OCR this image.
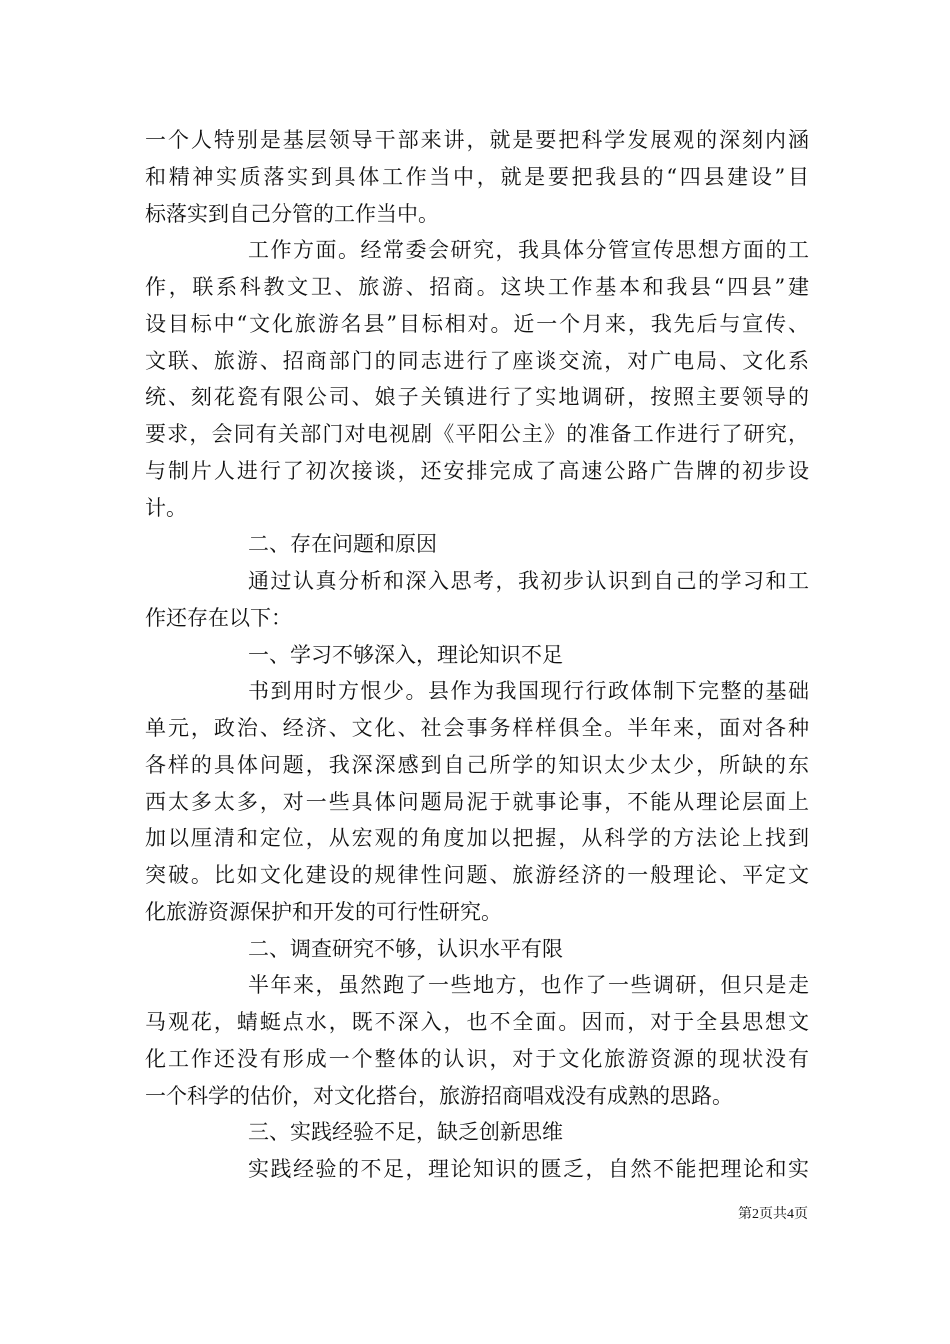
一个人特别是基层领导干部来讲，就是要把科学发展观的深刻内涵
和精神实质落实到具体工作当中，就是要把我县的“四县建设”目
标落实到自己分管的工作当中。
工作方面。经常委会研究，我具体分管宣传思想方面的工
作，联系科教文卫、旅游、招商。这块工作基本和我县“四县”建
设目标中“文化旅游名县”目标相对。近一个月来，我先后与宣传、
文联、旅游、招商部门的同志进行了座谈交流，对广电局、文化系
统、刻花瓷有限公司、娘子关镇进行了实地调研，按照主要领导的
要求，会同有关部门对电视剧《平阳公主》的准备工作进行了研究，
与制片人进行了初次接谈，还安排完成了高速公路广告牌的初步设
计。
二、存在问题和原因
通过认真分析和深入思考，我初步认识到自己的学习和工
作还存在以下：
一、学习不够深入，理论知识不足
书到用时方恨少。县作为我国现行行政体制下完整的基础
单元，政治、经济、文化、社会事务样样俱全。半年来，面对各种
各样的具体问题，我深深感到自己所学的知识太少太少，所缺的东
西太多太多，对一些具体问题局泥于就事论事，不能从理论层面上
加以厘清和定位，从宏观的角度加以把握，从科学的方法论上找到
突破。比如文化建设的规律性问题、旅游经济的一般理论、平定文
化旅游资源保护和开发的可行性研究。
二、调查研究不够，认识水平有限
半年来，虽然跑了一些地方，也作了一些调研，但只是走
马观花，蜻蜓点水，既不深入，也不全面。因而，对于全县思想文
化工作还没有形成一个整体的认识，对于文化旅游资源的现状没有
一个科学的估价，对文化搭台，旅游招商唱戏没有成熟的思路。
三、实践经验不足，缺乏创新思维
实践经验的不足，理论知识的匮乏，自然不能把理论和实
第2页共4页
